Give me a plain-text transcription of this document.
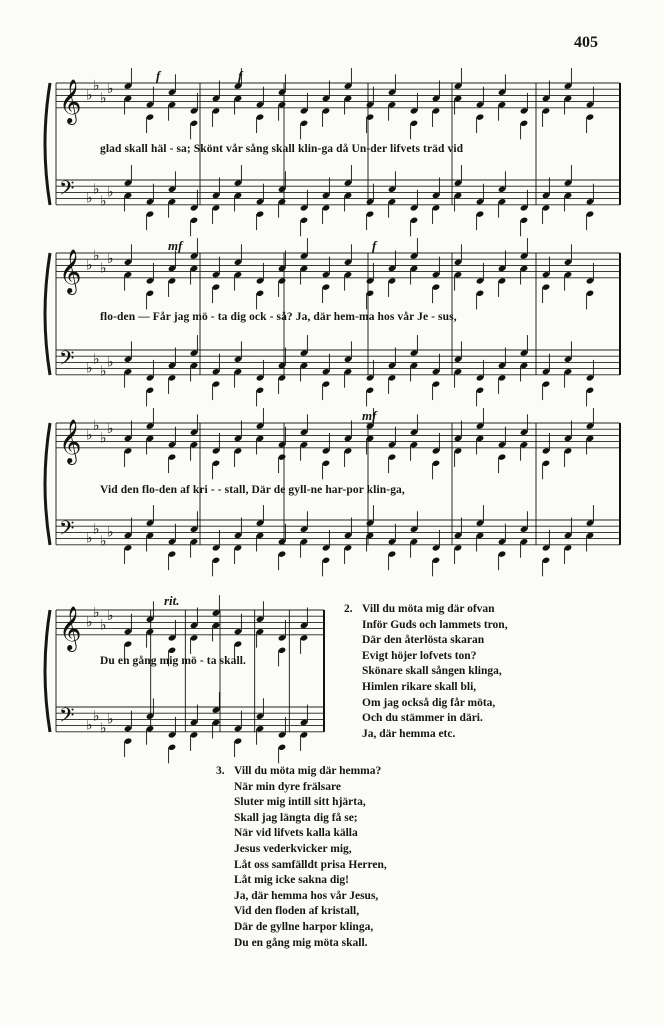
405
𝄞 ♭
♭
♭
♭
𝄢 ♭
♭
♭
♭
f	f
glad skall häl - sa; Skönt vår sång skall klin-ga då Un-der lifvets träd vid
𝄞 ♭
♭
♭
♭
𝄢 ♭
♭
♭
♭
mf	f
flo-den — Får jag mö - ta dig ock - så? Ja, där hem-ma hos vår Je - sus,
𝄞 ♭
♭
♭
♭
𝄢 ♭
♭
♭
♭
mf
Vid den flo-den af kri - - stall, Där de gyll-ne har-por klin-ga,
𝄞 ♭
♭
♭
♭
𝄢 ♭
♭
♭
♭
rit.
Du en gång mig mö - ta skall.
2. Vill du möta mig där ofvan
Inför Guds och lammets tron,
Där den återlösta skaran
Evigt höjer lofvets ton?
Skönare skall sången klinga,
Himlen rikare skall bli,
Om jag också dig får möta,
Och du stämmer in däri.
Ja, där hemma etc.
3. Vill du möta mig där hemma?
När min dyre frälsare
Sluter mig intill sitt hjärta,
Skall jag längta dig få se;
När vid lifvets kalla källa
Jesus vederkvicker mig,
Låt oss samfälldt prisa Herren,
Låt mig icke sakna dig!
Ja, där hemma hos vår Jesus,
Vid den floden af kristall,
Där de gyllne harpor klinga,
Du en gång mig möta skall.
